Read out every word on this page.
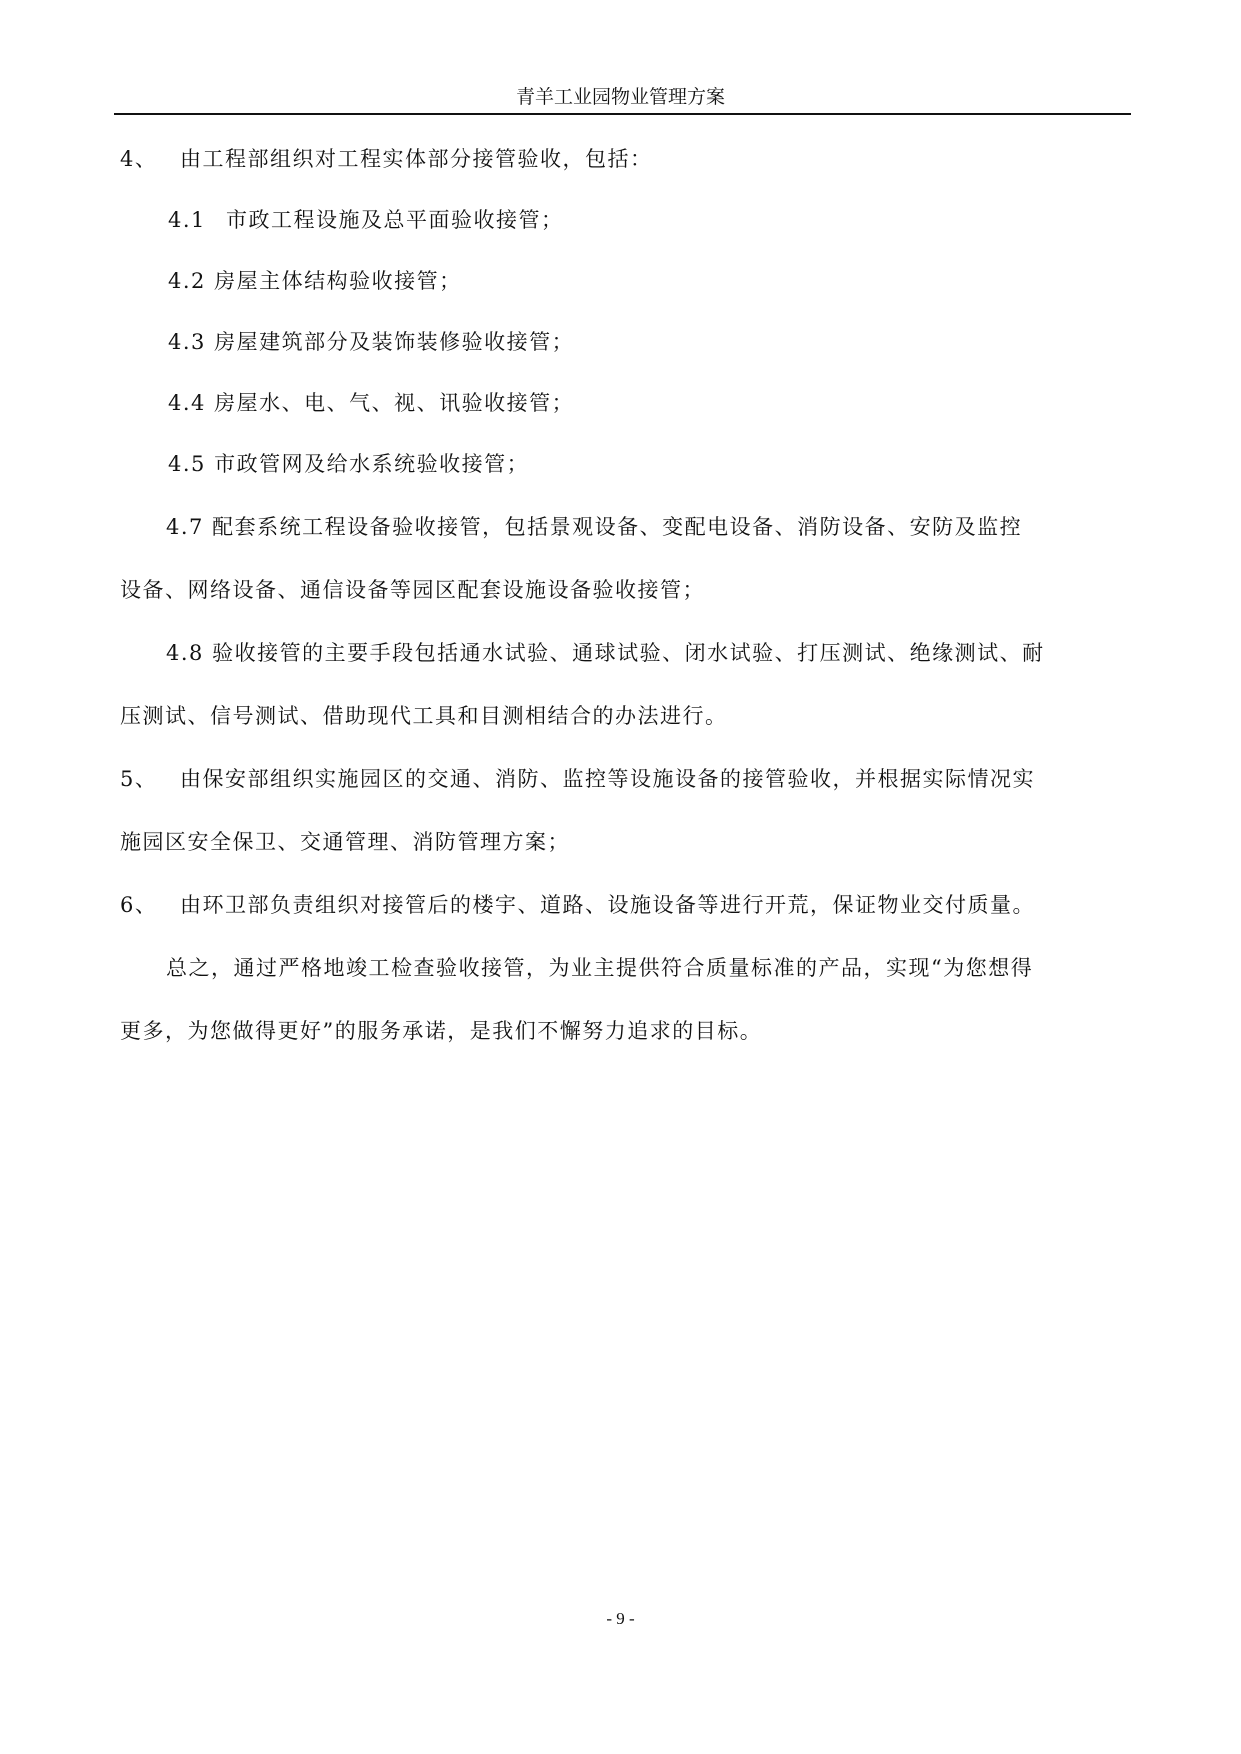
青羊工业园物业管理方案
4、 由工程部组织对工程实体部分接管验收，包括：
4.1 市政工程设施及总平面验收接管；
4.2 房屋主体结构验收接管；
4.3 房屋建筑部分及装饰装修验收接管；
4.4 房屋水、电、气、视、讯验收接管；
4.5 市政管网及给水系统验收接管；
4.7 配套系统工程设备验收接管，包括景观设备、变配电设备、消防设备、安防及监控
设备、网络设备、通信设备等园区配套设施设备验收接管；
4.8 验收接管的主要手段包括通水试验、通球试验、闭水试验、打压测试、绝缘测试、耐
压测试、信号测试、借助现代工具和目测相结合的办法进行。
5、 由保安部组织实施园区的交通、消防、监控等设施设备的接管验收，并根据实际情况实
施园区安全保卫、交通管理、消防管理方案；
6、 由环卫部负责组织对接管后的楼宇、道路、设施设备等进行开荒，保证物业交付质量。
总之，通过严格地竣工检查验收接管，为业主提供符合质量标准的产品，实现“为您想得
更多，为您做得更好”的服务承诺，是我们不懈努力追求的目标。
- 9 -
